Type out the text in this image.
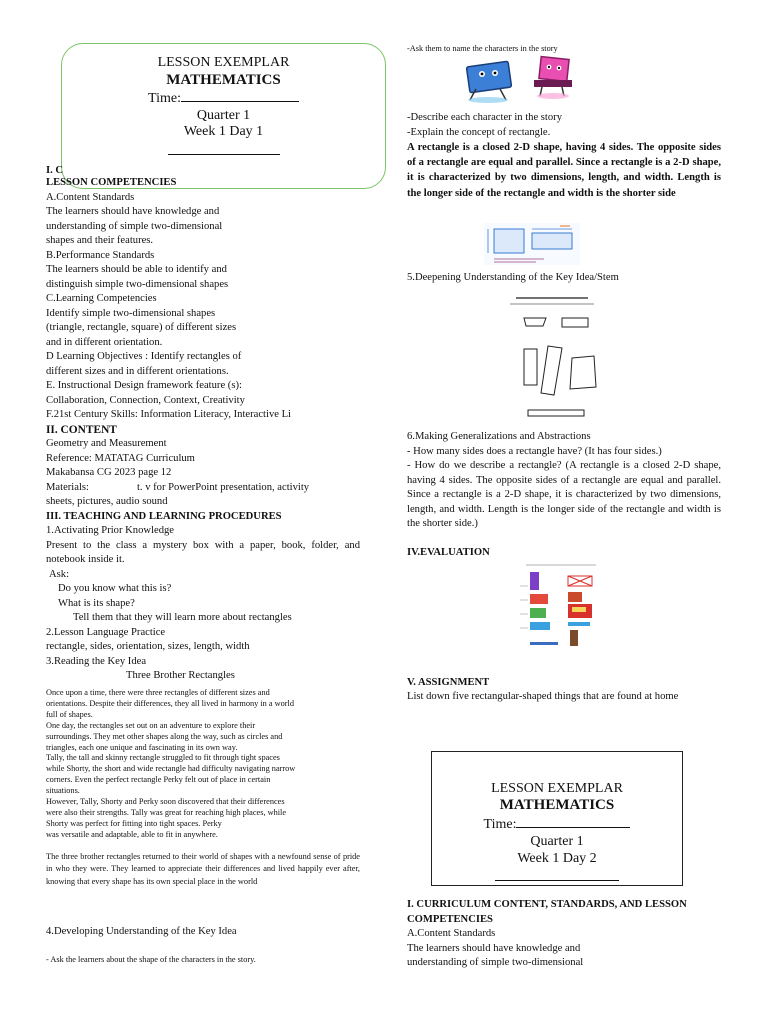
LESSON EXEMPLAR
MATHEMATICS
Time:
Quarter 1
Week 1 Day 1
I. C
LESSON COMPETENCIES
A.Content Standards
The learners should have knowledge and
understanding of simple two-dimensional
shapes and their features.
B.Performance Standards
The learners should be able to identify and
distinguish simple two-dimensional shapes
C.Learning Competencies
Identify simple two-dimensional shapes
(triangle, rectangle, square) of different sizes
and in different orientation.
D Learning Objectives : Identify rectangles of
different sizes and in different orientations.
E. Instructional Design framework feature (s):
Collaboration, Connection, Context, Creativity
F.21st Century Skills: Information Literacy, Interactive Li
II. CONTENT
Geometry and Measurement
Reference: MATATAG Curriculum
Makabansa CG 2023 page 12
Materials:	t. v for PowerPoint presentation, activity
sheets, pictures, audio sound
III. TEACHING AND LEARNING PROCEDURES
1.Activating Prior Knowledge
Present to the class a mystery box with a paper, book, folder, and notebook inside it.
Ask:
Do you know what this is?
What is its shape?
Tell them that they will learn more about rectangles
2.Lesson Language Practice
rectangle, sides, orientation, sizes, length, width
3.Reading the Key Idea
Three Brother Rectangles
Once upon a time, there were three rectangles of different sizes and
orientations. Despite their differences, they all lived in harmony in a world
full of shapes.
One day, the rectangles set out on an adventure to explore their
surroundings. They met other shapes along the way, such as circles and
triangles, each one unique and fascinating in its own way.
Tally, the tall and skinny rectangle struggled to fit through tight spaces
while Shorty, the short and wide rectangle had difficulty navigating narrow
corners. Even the perfect rectangle Perky felt out of place in certain
situations.
However, Tally, Shorty and Perky soon discovered that their differences
were also their strengths. Tally was great for reaching high places, while
Shorty was perfect for fitting into tight spaces. Perky
was versatile and adaptable, able to fit in anywhere.
The three brother rectangles returned to their world of shapes with a newfound sense of pride in who they were. They learned to appreciate their differences and lived happily ever after, knowing that every shape has its own special place in the world
4.Developing Understanding of the Key Idea
- Ask the learners about the shape of the characters in the story.
-Ask them to name the characters in the story
-Describe each character in the story
-Explain the concept of rectangle.
A rectangle is a closed 2-D shape, having 4 sides. The opposite sides of a rectangle are equal and parallel. Since a rectangle is a 2-D shape, it is characterized by two dimensions, length, and width. Length is the longer side of the rectangle and width is the shorter side
5.Deepening Understanding of the Key Idea/Stem
6.Making Generalizations and Abstractions
- How many sides does a rectangle have? (It has four sides.)
- How do we describe a rectangle? (A rectangle is a closed 2-D shape, having 4 sides. The opposite sides of a rectangle are equal and parallel. Since a rectangle is a 2-D shape, it is characterized by two dimensions, length, and width. Length is the longer side of the rectangle and width is the shorter side.)
IV.EVALUATION
V. ASSIGNMENT
List down five rectangular-shaped things that are found at home
LESSON EXEMPLAR
MATHEMATICS
Time:
Quarter 1
Week 1 Day 2
I. CURRICULUM CONTENT, STANDARDS, AND LESSON
COMPETENCIES
A.Content Standards
The learners should have knowledge and
understanding of simple two-dimensional
